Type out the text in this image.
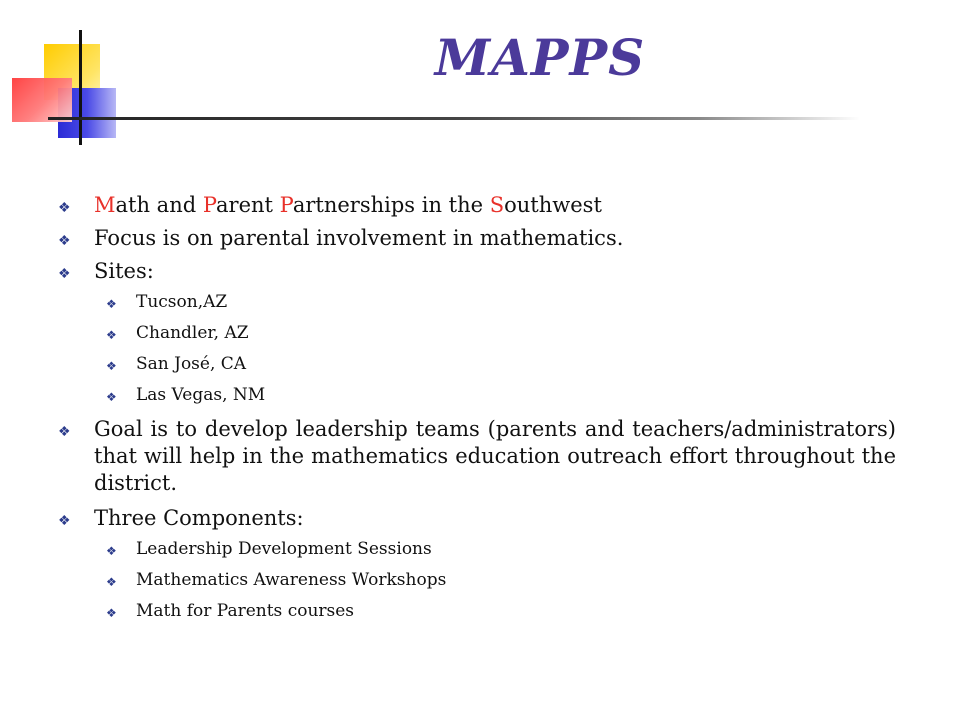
MAPPS
❖	Math and Parent Partnerships in the Southwest
❖	Focus is on parental involvement in mathematics.
❖	Sites:
❖	Tucson,AZ
❖	Chandler, AZ
❖	San José, CA
❖	Las Vegas, NM
❖	Goal is to develop leadership teams (parents and teachers/administrators) that will help in the mathematics education outreach effort throughout the district.
❖	Three Components:
❖	Leadership Development Sessions
❖	Mathematics Awareness Workshops
❖	Math for Parents courses
